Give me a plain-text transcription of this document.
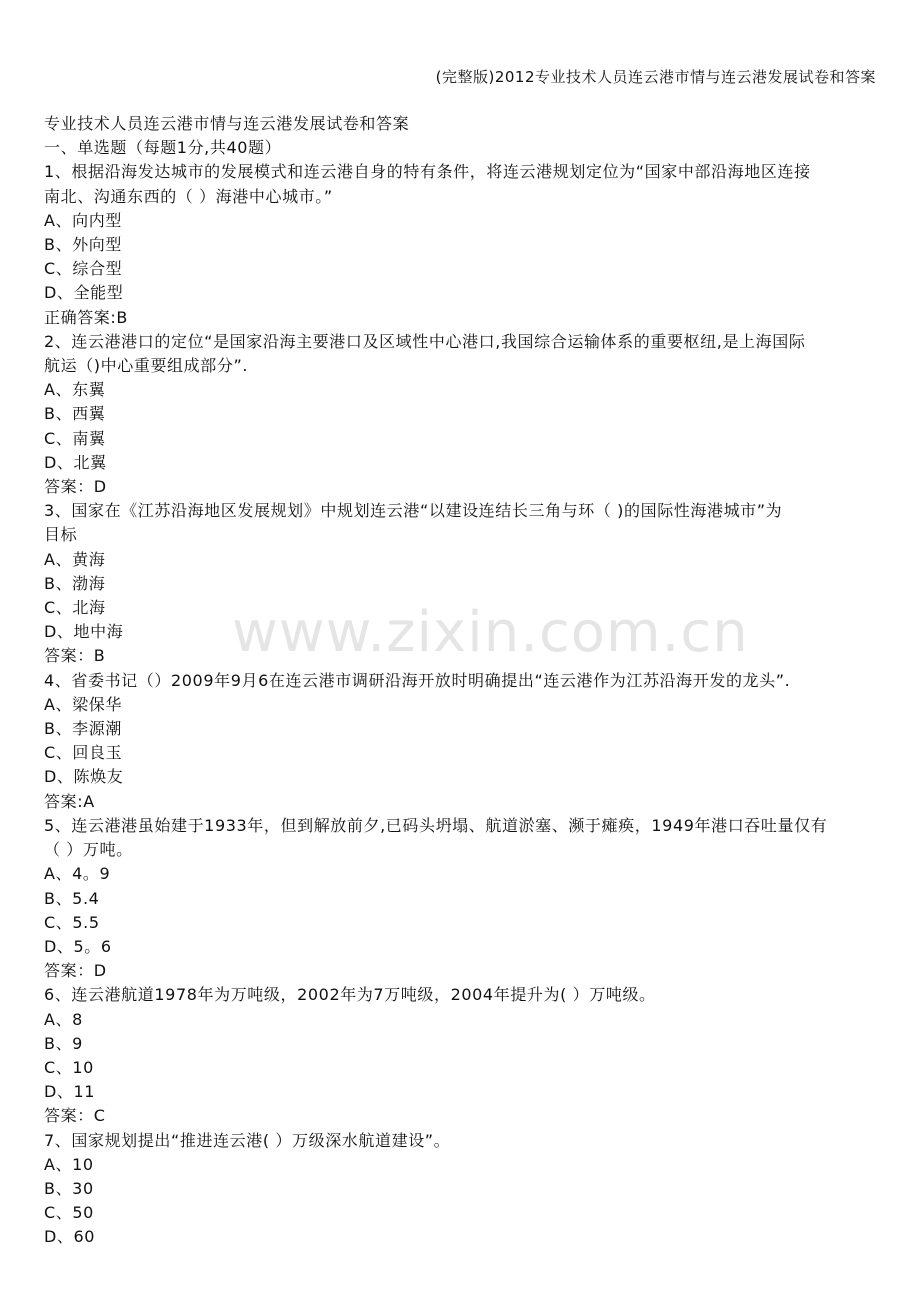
(完整版)2012专业技术人员连云港市情与连云港发展试卷和答案
专业技术人员连云港市情与连云港发展试卷和答案
一、单选题（每题1分,共40题）
1、根据沿海发达城市的发展模式和连云港自身的特有条件，将连云港规划定位为“国家中部沿海地区连接
南北、沟通东西的（ ）海港中心城市。”
A、向内型
B、外向型
C、综合型
D、全能型
正确答案:B
2、连云港港口的定位“是国家沿海主要港口及区域性中心港口,我国综合运输体系的重要枢纽,是上海国际
航运（)中心重要组成部分”.
A、东翼
B、西翼
C、南翼
D、北翼
答案：D
3、国家在《江苏沿海地区发展规划》中规划连云港“以建设连结长三角与环（ )的国际性海港城市”为
目标
A、黄海
B、渤海
C、北海
D、地中海
答案：B
4、省委书记（）2009年9月6在连云港市调研沿海开放时明确提出“连云港作为江苏沿海开发的龙头”.
A、梁保华
B、李源潮
C、回良玉
D、陈焕友
答案:A
5、连云港港虽始建于1933年，但到解放前夕,已码头坍塌、航道淤塞、濒于瘫痪，1949年港口吞吐量仅有
（ ）万吨。
A、4。9
B、5.4
C、5.5
D、5。6
答案：D
6、连云港航道1978年为万吨级，2002年为7万吨级，2004年提升为( ）万吨级。
A、8
B、9
C、10
D、11
答案：C
7、国家规划提出“推进连云港( ）万级深水航道建设”。
A、10
B、30
C、50
D、60
www.zixin.com.cn
